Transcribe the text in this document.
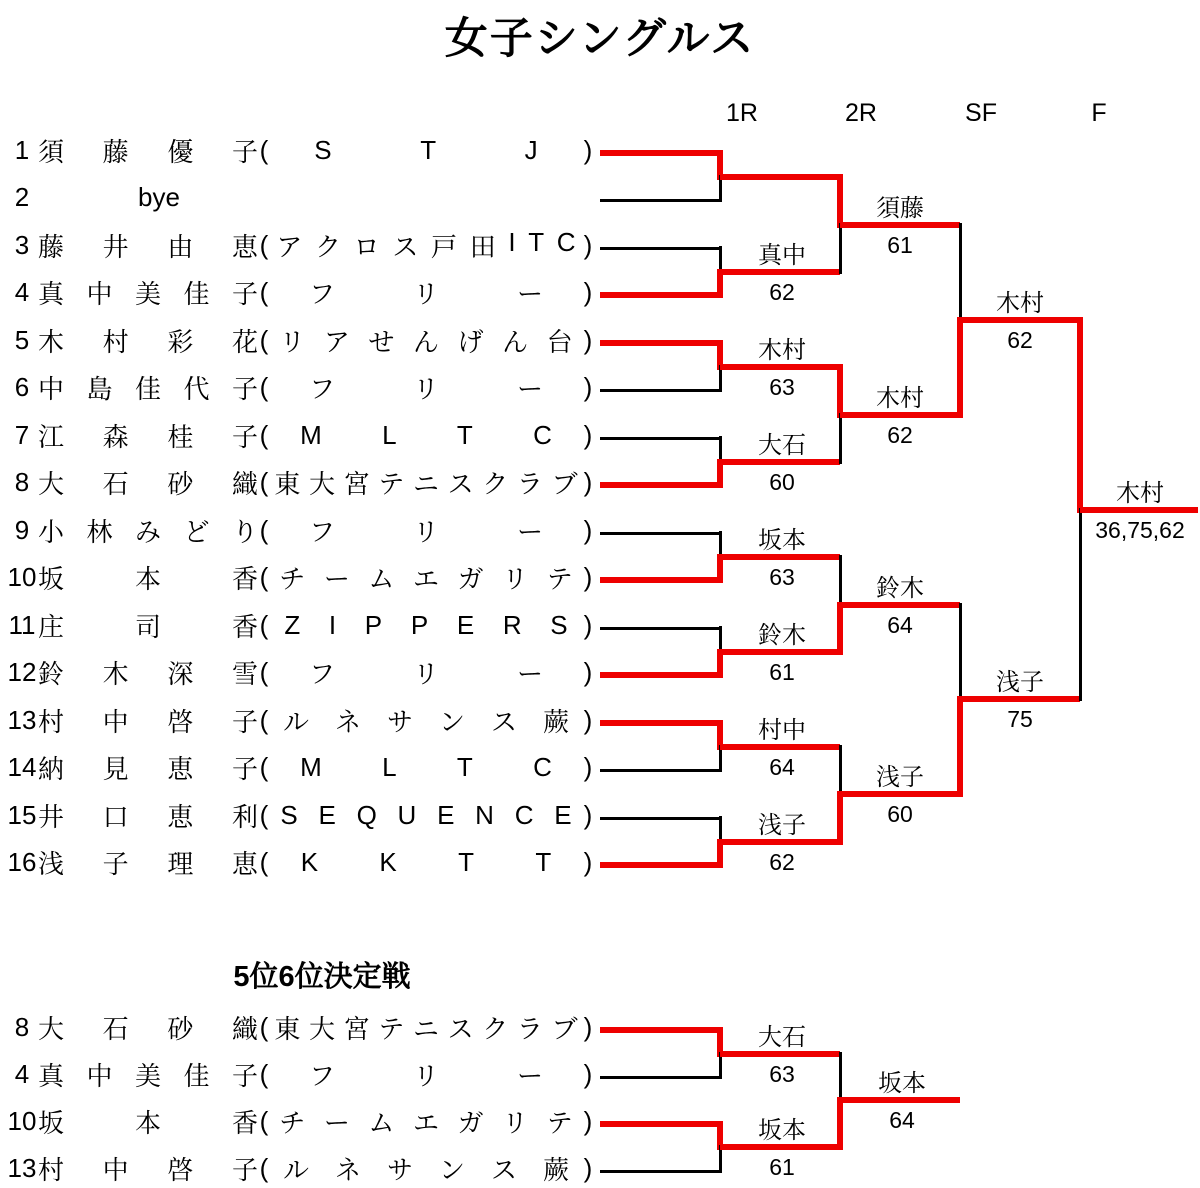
女子シングルス
1R	2R	SF	F
1 須 藤 優 子 ( S	T	J )
2	bye
3 藤 井 由 恵 ( ア ク ロ ス 戸 田 I T C )
4 真 中 美 佳 子 ( フ	リ	ー )
5 木 村 彩 花 ( リ ア せ ん げ ん 台 )
6 中 島 佳 代 子 ( フ	リ	ー )
7 江 森 桂 子 ( M L T C )
8 大 石 砂 織 ( 東 大 宮 テ ニ ス ク ラ ブ )
9 小 林 み ど り ( フ	リ	ー )
10 坂	本	香 ( チ ー ム エ ガ リ テ )
11 庄	司	香 ( Z I P P E R S )
12 鈴 木 深 雪 ( フ	リ	ー )
13 村 中 啓 子 ( ル ネ サ ン ス 蕨 )
14 納 見 恵 子 ( M L T C )
15 井 口 恵 利 ( S E Q U E N C E )
16 浅 子 理 恵 ( K K T T )
真中
62
木村
63
大石
60
坂本
63
鈴木
61
村中
64
浅子
62
須藤
61
木村
62
鈴木
64
浅子
60
木村
62
浅子
75
木村
36,75,62
5位6位決定戦
8 大 石 砂 織 ( 東 大 宮 テ ニ ス ク ラ ブ )
4 真 中 美 佳 子 ( フ	リ	ー )
10 坂	本	香 ( チ ー ム エ ガ リ テ )
13 村 中 啓 子 ( ル ネ サ ン ス 蕨 )
大石
63
坂本
61
坂本
64
